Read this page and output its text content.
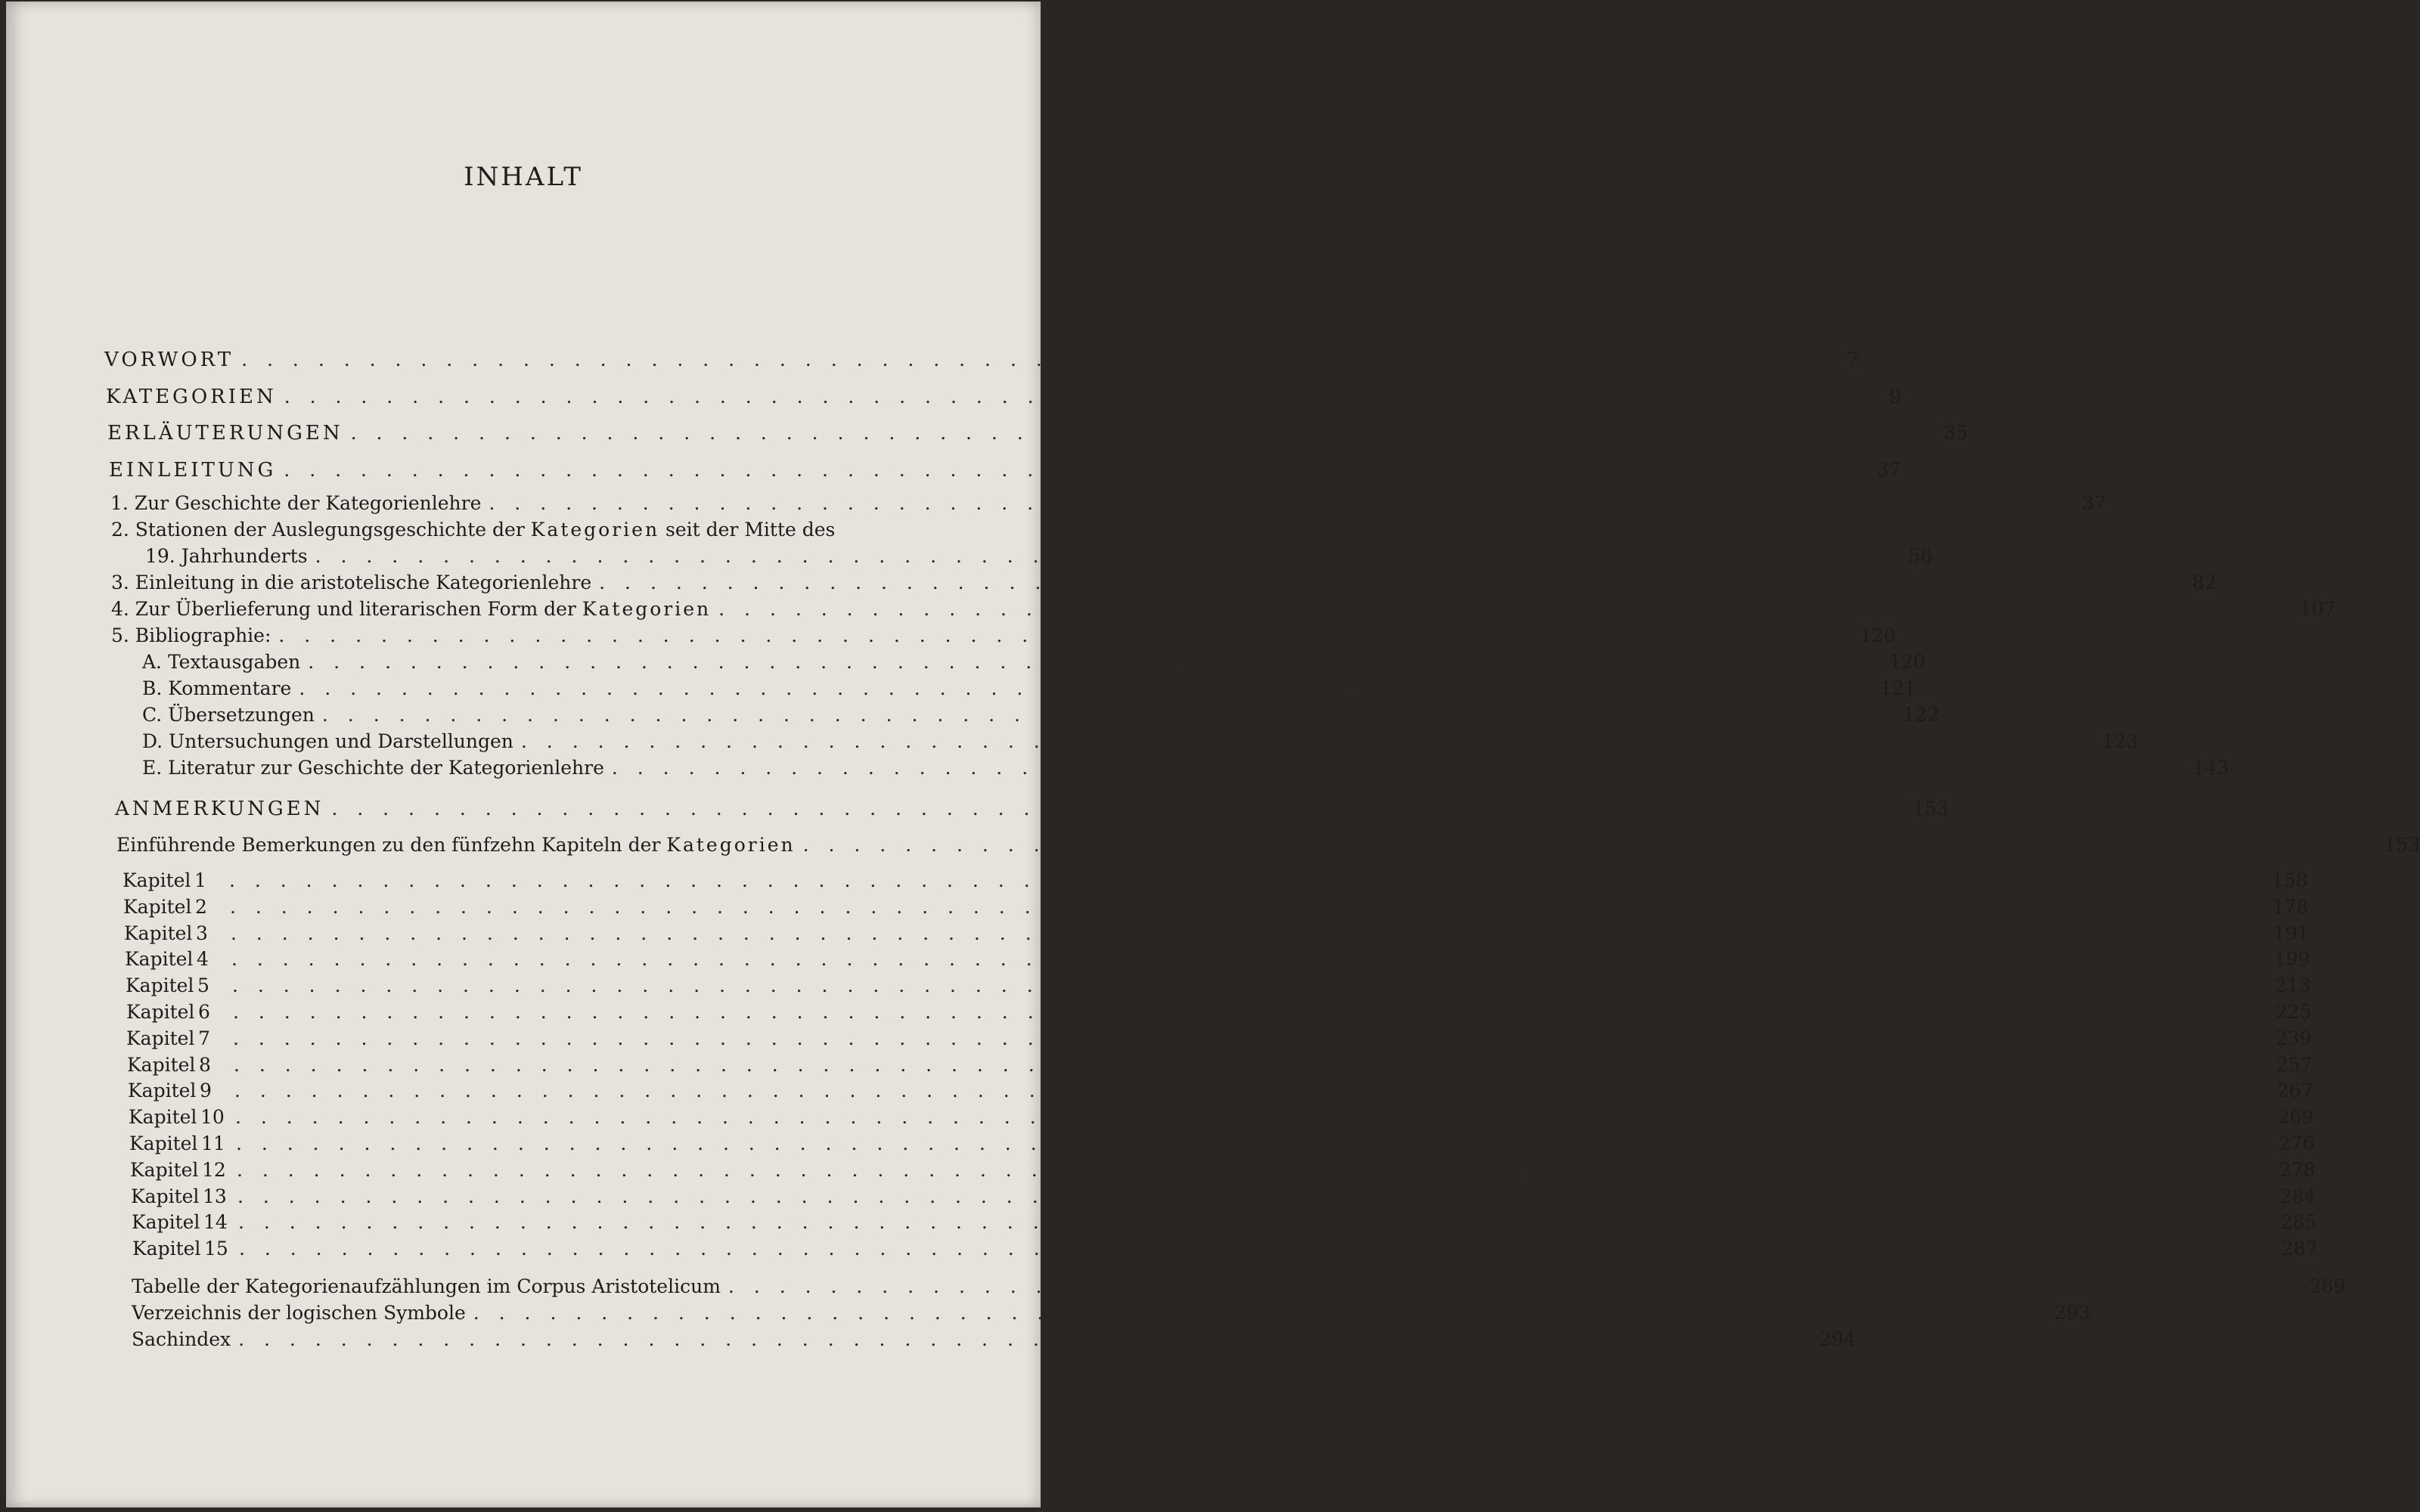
INHALT
VORWORT . . . . . . . . . . . . . . . . . . . . . . . . . . . . . . . . . . . . . . . . . . . . . . . . . . . . . . . . . . . . . .	7
KATEGORIEN . . . . . . . . . . . . . . . . . . . . . . . . . . . . . . . . . . . . . . . . . . . . . . . . . . . . . . . . . . . . . .	9
ERLÄUTERUNGEN . . . . . . . . . . . . . . . . . . . . . . . . . . . . . . . . . . . . . . . . . . . . . . . . . . . . . . . . . . . . . . 35
EINLEITUNG . . . . . . . . . . . . . . . . . . . . . . . . . . . . . . . . . . . . . . . . . . . . . . . . . . . . . . . . . . . . . . 37
1. Zur Geschichte der Kategorienlehre . . . . . . . . . . . . . . . . . . . . . . . . . . . . . . . . . . . . . . . . . . . . . . . . . . . . . . . . . . . . . . 37
2. Stationen der Auslegungsgeschichte der Kategorien seit der Mitte des
19. Jahrhunderts . . . . . . . . . . . . . . . . . . . . . . . . . . . . . . . . . . . . . . . . . . . . . . . . . . . . . . . . . . . . . . 56
3. Einleitung in die aristotelische Kategorienlehre . . . . . . . . . . . . . . . . . . . . . . . . . . . . . . . . . . . . . . . . . . . . . . . . . . . . . . . . . . . . . . 82
4. Zur Überlieferung und literarischen Form der Kategorien . . . . . . . . . . . . . . . . . . . . . . . . . . . . . . . . . . . . . . . . . . . . . . . . . . . . . . . . . . . . . . 107
5. Bibliographie: . . . . . . . . . . . . . . . . . . . . . . . . . . . . . . . . . . . . . . . . . . . . . . . . . . . . . . . . . . . . . . 120
A. Textausgaben . . . . . . . . . . . . . . . . . . . . . . . . . . . . . . . . . . . . . . . . . . . . . . . . . . . . . . . . . . . . . . 120
B. Kommentare . . . . . . . . . . . . . . . . . . . . . . . . . . . . . . . . . . . . . . . . . . . . . . . . . . . . . . . . . . . . . . 121
C. Übersetzungen . . . . . . . . . . . . . . . . . . . . . . . . . . . . . . . . . . . . . . . . . . . . . . . . . . . . . . . . . . . . . . 122
D. Untersuchungen und Darstellungen . . . . . . . . . . . . . . . . . . . . . . . . . . . . . . . . . . . . . . . . . . . . . . . . . . . . . . . . . . . . . . 123
E. Literatur zur Geschichte der Kategorienlehre . . . . . . . . . . . . . . . . . . . . . . . . . . . . . . . . . . . . . . . . . . . . . . . . . . . . . . . . . . . . . . 143
ANMERKUNGEN . . . . . . . . . . . . . . . . . . . . . . . . . . . . . . . . . . . . . . . . . . . . . . . . . . . . . . . . . . . . . . 153
Einführende Bemerkungen zu den fünfzehn Kapiteln der Kategorien . . . . . . . . . . . . . . . . . . . . . . . . . . . . . . . . . . . . . . . . . . . . . . . . . . . . . . . . . . . . . . 153
Kapitel 1	. . . . . . . . . . . . . . . . . . . . . . . . . . . . . . . . . . . . . . . . . . . . . . . . . . . . . . . . . . . . . . . . . . . . . . . . . . . . . . . . 158
Kapitel 2	. . . . . . . . . . . . . . . . . . . . . . . . . . . . . . . . . . . . . . . . . . . . . . . . . . . . . . . . . . . . . . . . . . . . . . . . . . . . . . . . 178
Kapitel 3	. . . . . . . . . . . . . . . . . . . . . . . . . . . . . . . . . . . . . . . . . . . . . . . . . . . . . . . . . . . . . . . . . . . . . . . . . . . . . . . . 191
Kapitel 4	. . . . . . . . . . . . . . . . . . . . . . . . . . . . . . . . . . . . . . . . . . . . . . . . . . . . . . . . . . . . . . . . . . . . . . . . . . . . . . . . 199
Kapitel 5	. . . . . . . . . . . . . . . . . . . . . . . . . . . . . . . . . . . . . . . . . . . . . . . . . . . . . . . . . . . . . . . . . . . . . . . . . . . . . . . . 213
Kapitel 6	. . . . . . . . . . . . . . . . . . . . . . . . . . . . . . . . . . . . . . . . . . . . . . . . . . . . . . . . . . . . . . . . . . . . . . . . . . . . . . . . 225
Kapitel 7	. . . . . . . . . . . . . . . . . . . . . . . . . . . . . . . . . . . . . . . . . . . . . . . . . . . . . . . . . . . . . . . . . . . . . . . . . . . . . . . . 239
Kapitel 8	. . . . . . . . . . . . . . . . . . . . . . . . . . . . . . . . . . . . . . . . . . . . . . . . . . . . . . . . . . . . . . . . . . . . . . . . . . . . . . . . 257
Kapitel 9	. . . . . . . . . . . . . . . . . . . . . . . . . . . . . . . . . . . . . . . . . . . . . . . . . . . . . . . . . . . . . . . . . . . . . . . . . . . . . . . . 267
Kapitel 10 . . . . . . . . . . . . . . . . . . . . . . . . . . . . . . . . . . . . . . . . . . . . . . . . . . . . . . . . . . . . . . . . . . . . . . . . . . . . . . . . 269
Kapitel 11 . . . . . . . . . . . . . . . . . . . . . . . . . . . . . . . . . . . . . . . . . . . . . . . . . . . . . . . . . . . . . . . . . . . . . . . . . . . . . . . . 276
Kapitel 12 . . . . . . . . . . . . . . . . . . . . . . . . . . . . . . . . . . . . . . . . . . . . . . . . . . . . . . . . . . . . . . . . . . . . . . . . . . . . . . . . 278
Kapitel 13 . . . . . . . . . . . . . . . . . . . . . . . . . . . . . . . . . . . . . . . . . . . . . . . . . . . . . . . . . . . . . . . . . . . . . . . . . . . . . . . . 284
Kapitel 14 . . . . . . . . . . . . . . . . . . . . . . . . . . . . . . . . . . . . . . . . . . . . . . . . . . . . . . . . . . . . . . . . . . . . . . . . . . . . . . . . 285
Kapitel 15 . . . . . . . . . . . . . . . . . . . . . . . . . . . . . . . . . . . . . . . . . . . . . . . . . . . . . . . . . . . . . . . . . . . . . . . . . . . . . . . . 287
Tabelle der Kategorienaufzählungen im Corpus Aristotelicum . . . . . . . . . . . . . . . . . . . . . . . . . . . . . . . . . . . . . . . . . . . . . . . . . . . . . . . . . . . . . . 289
Verzeichnis der logischen Symbole . . . . . . . . . . . . . . . . . . . . . . . . . . . . . . . . . . . . . . . . . . . . . . . . . . . . . . . . . . . . . . 293
Sachindex . . . . . . . . . . . . . . . . . . . . . . . . . . . . . . . . . . . . . . . . . . . . . . . . . . . . . . . . . . . . . . 294
